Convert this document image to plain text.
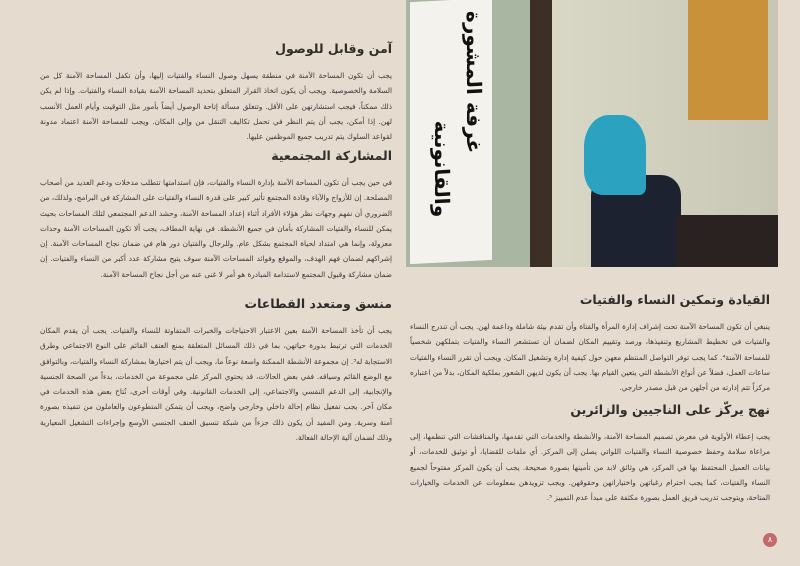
غرفة المشورة
والقانونية
آمن وقابل للوصول

يجب أن تكون المساحة الآمنة في منطقة يسهل وصول النساء والفتيات إليها، وأن تكفل المساحة الآمنة كل من السلامة والخصوصية. ويجب أن يكون اتخاذ القرار المتعلق بتحديد المساحة الآمنة بقيادة النساء والفتيات. وإذا لم يكن ذلك ممكناً، فيجب استشارتهن على الأقل. وتتعلق مسألة إتاحة الوصول أيضاً بأمور مثل التوقيت وأيام العمل الأنسب لهن. إذا أمكن، يجب أن يتم النظر في تحمل تكاليف التنقل من وإلى المكان. ويجب للمساحة الآمنة اعتماد مدونة لقواعد السلوك يتم تدريب جميع الموظفين عليها.

المشاركة المجتمعية

في حين يجب أن تكون المساحة الآمنة بإدارة النساء والفتيات، فإن استدامتها تتطلب مدخلات ودعم العديد من أصحاب المصلحة. إن للأزواج والآباء وقادة المجتمع تأثير كبير على قدرة النساء والفتيات على المشاركة في البرامج، ولذلك، من الضروري أن نفهم وجهات نظر هؤلاء الأفراد أثناء إعداد المساحة الآمنة، وحشد الدعم المجتمعي لتلك المساحات بحيث يمكن للنساء والفتيات المشاركة بأمان في جميع الأنشطة. في نهاية المطاف، يجب ألا تكون المساحات الآمنة وحدات معزولة، وإنما هي امتداد لحياة المجتمع بشكل عام. وللرجال والفتيان دور هام في ضمان نجاح المساحات الآمنة. إن إشراكهم لضمان فهم الهدف، والموقع وفوائد المساحات الآمنة سوف يتيح مشاركة عدد أكبر من النساء والفتيات. إن ضمان مشاركة وقبول المجتمع لاستدامة المبادرة هو أمر لا غنى عنه من أجل نجاح المساحة الآمنة.

منسق ومتعدد القطاعات

يجب أن تأخذ المساحة الآمنة بعين الاعتبار الاحتياجات والخبرات المتفاوتة للنساء والفتيات. يجب أن يقدم المكان الخدمات التي ترتبط بدورة حياتهن، بما في ذلك المسائل المتعلقة بمنع العنف القائم على النوع الاجتماعي وطرق الاستجابة له³. إن مجموعة الأنشطة الممكنة واسعة نوعاً ما، ويجب أن يتم اختيارها بمشاركة النساء والفتيات، وبالتوافق مع الوضع القائم وسياقه. ففي بعض الحالات، قد يحتوي المركز على مجموعة من الخدمات، بدءاً من الصحة الجنسية والإنجابية، إلى الدعم النفسي والاجتماعي، إلى الخدمات القانونية. وفي أوقات أخرى، تُتاح بعض هذه الخدمات في مكان آخر. يجب تفعيل نظام إحالة داخلي وخارجي واضح، ويجب أن يتمكن المتطوعون والعاملون من تنفيذه بصورة آمنة وسرية. ومن المفيد أن يكون ذلك جزءاً من شبكة تنسيق العنف الجنسي الأوسع وإجراءات التشغيل المعيارية وذلك لضمان آلية الإحالة الفعالة.

القيادة وتمكين النساء والفتيات

ينبغي أن تكون المساحة الآمنة تحت إشراف إدارة المرأة والفتاة وأن تقدم بيئة شاملة وداعمة لهن. يجب أن تندرج النساء والفتيات في تخطيط المشاريع وتنفيذها، ورصد وتقييم المكان لضمان أن تستشعر النساء والفتيات بتملكهن شخصياً للمساحة الآمنة⁴. كما يجب توفر التواصل المنتظم معهن حول كيفية إدارة وتشغيل المكان. ويجب أن تقرر النساء والفتيات ساعات العمل، فضلاً عن أنواع الأنشطة التي يتعين القيام بها. يجب أن يكون لديهن الشعور بملكية المكان، بدلاً من اعتباره مركزاً تتم إدارته من أجلهن من قبل مصدر خارجي.

نهج يركّز على الناجيين والزائرين

يجب إعطاء الأولوية في معرض تصميم المساحة الآمنة، والأنشطة والخدمات التي تقدمها، والمناقشات التي تنظمها، إلى مراعاة سلامة وحفظ خصوصية النساء والفتيات اللواتي يصلن إلى المركز. أي ملفات للقضايا، أو توثيق للخدمات، أو بيانات العميل المحتفظ بها في المركز، هي وثائق لابد من تأمينها بصورة صحيحة. يجب أن يكون المركز مفتوحاً لجميع النساء والفتيات، كما يجب احترام رغباتهن واختياراتهن وحقوقهن. ويجب تزويدهن بمعلومات عن الخدمات والخيارات المتاحة، ويتوجب تدريب فريق العمل بصورة مكثفة على مبدأ عدم التمييز ⁵.

٨
